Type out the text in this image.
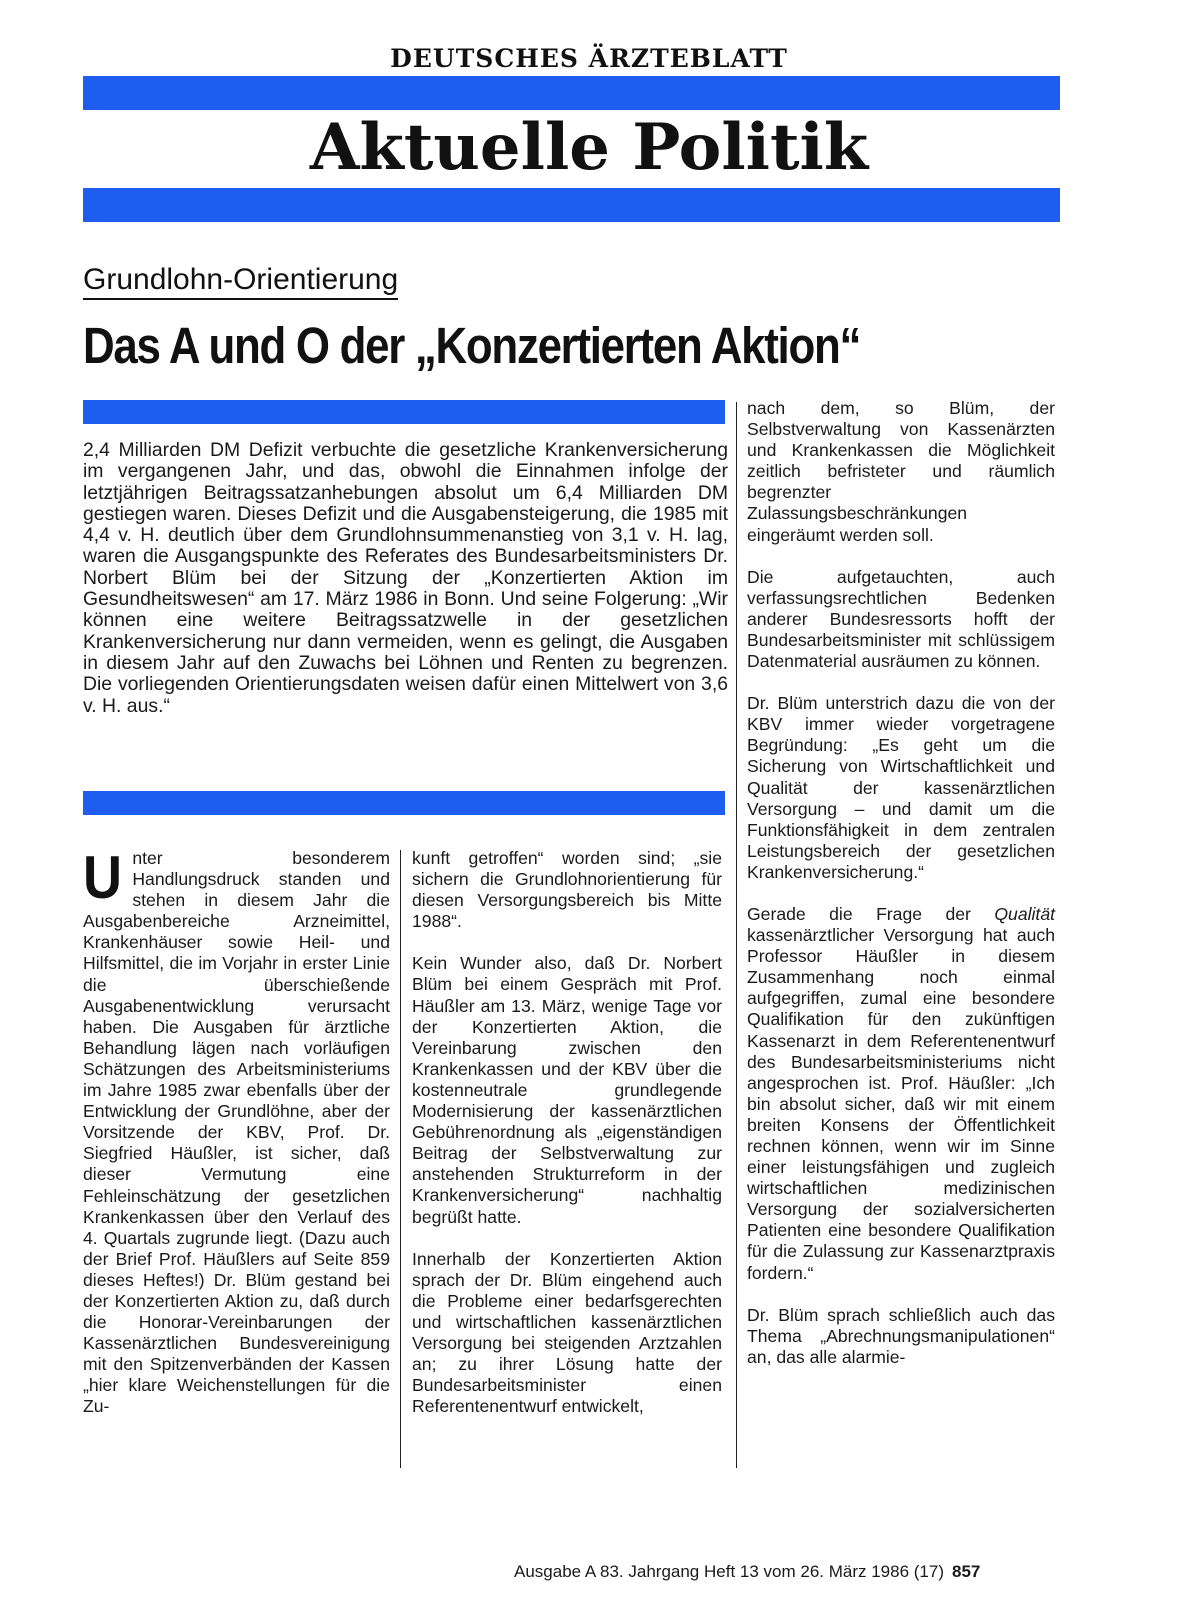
DEUTSCHES ÄRZTEBLATT
Aktuelle Politik
Grundlohn-Orientierung
Das A und O der „Konzertierten Aktion“
2,4 Milliarden DM Defizit verbuchte die gesetzliche Krankenversicherung im vergangenen Jahr, und das, obwohl die Einnahmen infolge der letztjährigen Beitragssatzanhebungen absolut um 6,4 Milliarden DM gestiegen waren. Dieses Defizit und die Ausgabensteigerung, die 1985 mit 4,4 v. H. deutlich über dem Grundlohnsummenanstieg von 3,1 v. H. lag, waren die Ausgangspunkte des Referates des Bundesarbeitsministers Dr. Norbert Blüm bei der Sitzung der „Konzertierten Aktion im Gesundheitswesen“ am 17. März 1986 in Bonn. Und seine Folgerung: „Wir können eine weitere Beitragssatzwelle in der gesetzlichen Krankenversicherung nur dann vermeiden, wenn es gelingt, die Ausgaben in diesem Jahr auf den Zuwachs bei Löhnen und Renten zu begrenzen. Die vorliegenden Orientierungsdaten weisen dafür einen Mittelwert von 3,6 v. H. aus.“

Unter besonderem Handlungsdruck standen und stehen in diesem Jahr die Ausgabenbereiche Arzneimittel, Krankenhäuser sowie Heil- und Hilfsmittel, die im Vorjahr in erster Linie die überschießende Ausgabenentwicklung verursacht haben. Die Ausgaben für ärztliche Behandlung lägen nach vorläufigen Schätzungen des Arbeitsministeriums im Jahre 1985 zwar ebenfalls über der Entwicklung der Grundlöhne, aber der Vorsitzende der KBV, Prof. Dr. Siegfried Häußler, ist sicher, daß dieser Vermutung eine Fehleinschätzung der gesetzlichen Krankenkassen über den Verlauf des 4. Quartals zugrunde liegt. (Dazu auch der Brief Prof. Häußlers auf Seite 859 dieses Heftes!) Dr. Blüm gestand bei der Konzertierten Aktion zu, daß durch die Honorar-Vereinbarungen der Kassenärztlichen Bundesvereinigung mit den Spitzenverbänden der Kassen „hier klare Weichenstellungen für die Zu-

kunft getroffen“ worden sind; „sie sichern die Grundlohnorientierung für diesen Versorgungsbereich bis Mitte 1988“.

Kein Wunder also, daß Dr. Norbert Blüm bei einem Gespräch mit Prof. Häußler am 13. März, wenige Tage vor der Konzertierten Aktion, die Vereinbarung zwischen den Krankenkassen und der KBV über die kostenneutrale grundlegende Modernisierung der kassenärztlichen Gebührenordnung als „eigenständigen Beitrag der Selbstverwaltung zur anstehenden Strukturreform in der Krankenversicherung“ nachhaltig begrüßt hatte.

Innerhalb der Konzertierten Aktion sprach der Dr. Blüm eingehend auch die Probleme einer bedarfsgerechten und wirtschaftlichen kassenärztlichen Versorgung bei steigenden Arztzahlen an; zu ihrer Lösung hatte der Bundesarbeitsminister einen Referentenentwurf entwickelt,

nach dem, so Blüm, der Selbstverwaltung von Kassenärzten und Krankenkassen die Möglichkeit zeitlich befristeter und räumlich begrenzter Zulassungsbeschränkungen eingeräumt werden soll.

Die aufgetauchten, auch verfassungsrechtlichen Bedenken anderer Bundesressorts hofft der Bundesarbeitsminister mit schlüssigem Datenmaterial ausräumen zu können.

Dr. Blüm unterstrich dazu die von der KBV immer wieder vorgetragene Begründung: „Es geht um die Sicherung von Wirtschaftlichkeit und Qualität der kassenärztlichen Versorgung – und damit um die Funktionsfähigkeit in dem zentralen Leistungsbereich der gesetzlichen Krankenversicherung.“

Gerade die Frage der Qualität kassenärztlicher Versorgung hat auch Professor Häußler in diesem Zusammenhang noch einmal aufgegriffen, zumal eine besondere Qualifikation für den zukünftigen Kassenarzt in dem Referentenentwurf des Bundesarbeitsministeriums nicht angesprochen ist. Prof. Häußler: „Ich bin absolut sicher, daß wir mit einem breiten Konsens der Öffentlichkeit rechnen können, wenn wir im Sinne einer leistungsfähigen und zugleich wirtschaftlichen medizinischen Versorgung der sozialversicherten Patienten eine besondere Qualifikation für die Zulassung zur Kassenarztpraxis fordern.“

Dr. Blüm sprach schließlich auch das Thema „Abrechnungsmanipulationen“ an, das alle alarmie-

Ausgabe A 83. Jahrgang Heft 13 vom 26. März 1986 (17) 857
